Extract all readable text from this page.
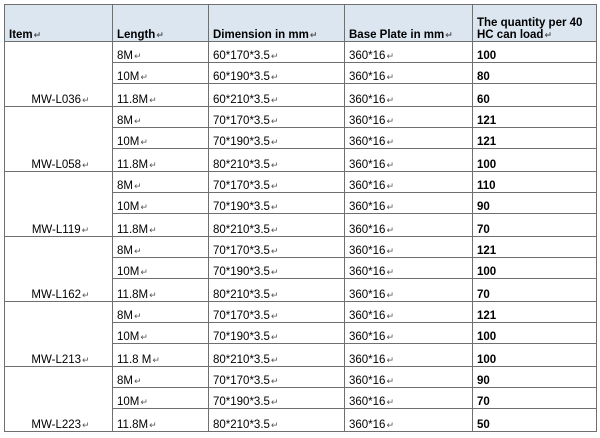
Item↵	Length↵	Dimension in mm↵	Base Plate in mm↵	The quantity per 40 HC can load↵
MW-L036↵	8M↵	60*170*3.5↵	360*16↵	100
	10M↵	60*190*3.5↵	360*16↵	80
	11.8M↵	60*210*3.5↵	360*16↵	60
MW-L058↵	8M↵	70*170*3.5↵	360*16↵	121
	10M↵	70*190*3.5↵	360*16↵	121
	11.8M↵	80*210*3.5↵	360*16↵	100
MW-L119↵	8M↵	70*170*3.5↵	360*16↵	110
	10M↵	70*190*3.5↵	360*16↵	90
	11.8M↵	80*210*3.5↵	360*16↵	70
MW-L162↵	8M↵	70*170*3.5↵	360*16↵	121
	10M↵	70*190*3.5↵	360*16↵	100
	11.8M↵	80*210*3.5↵	360*16↵	70
MW-L213↵	8M↵	70*170*3.5↵	360*16↵	121
	10M↵	70*190*3.5↵	360*16↵	100
	11.8 M↵	80*210*3.5↵	360*16↵	100
MW-L223↵	8M↵	70*170*3.5↵	360*16↵	90
	10M↵	70*190*3.5↵	360*16↵	70
	11.8M↵	80*210*3.5↵	360*16↵	50
